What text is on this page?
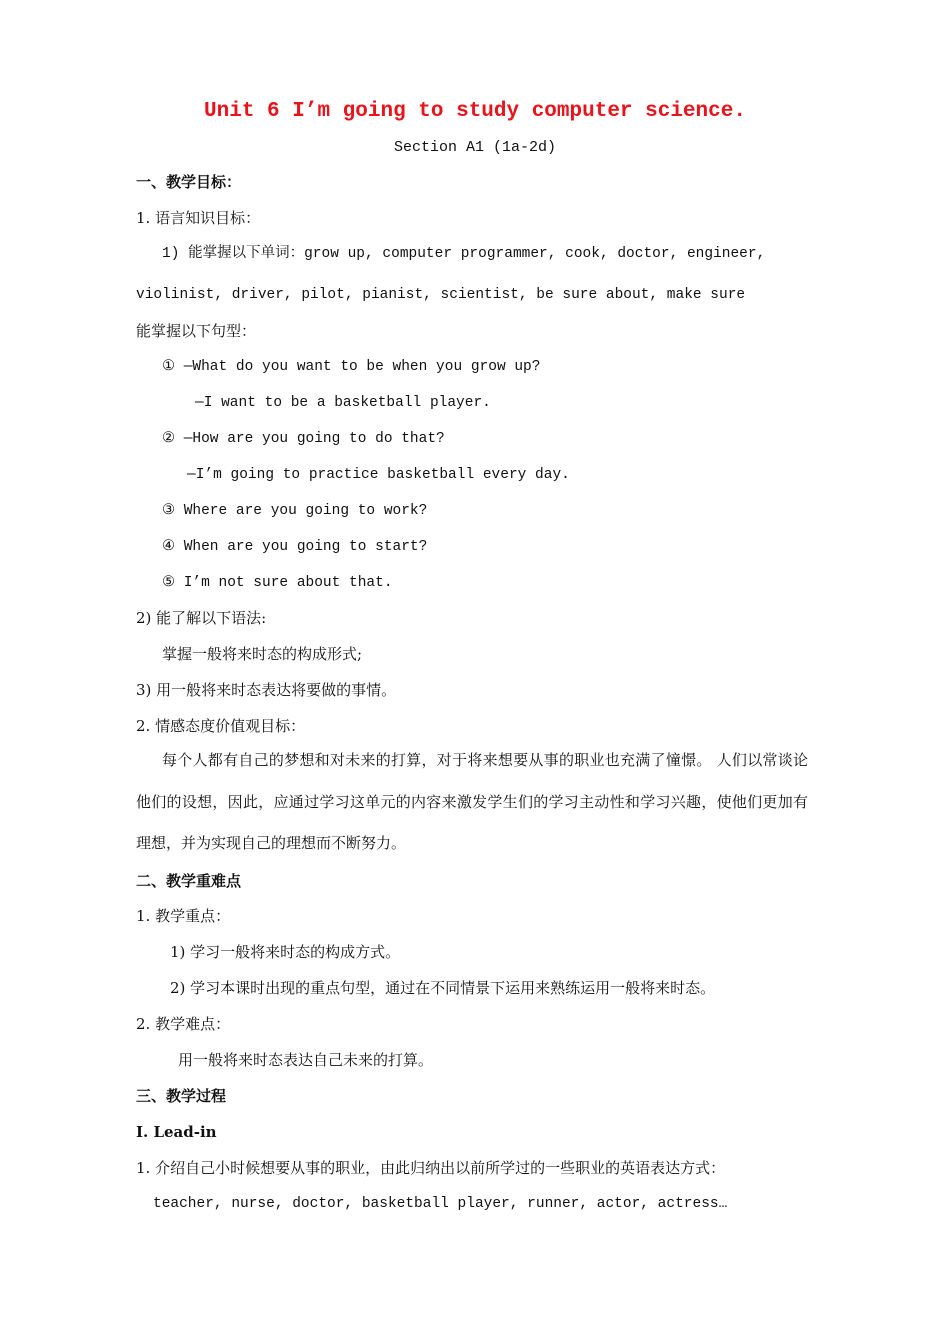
Unit 6 I’m going to study computer science.
Section A1 (1a-2d)
一、教学目标：
1. 语言知识目标：
1) 能掌握以下单词：grow up, computer programmer, cook, doctor, engineer,
violinist, driver, pilot, pianist, scientist, be sure about, make sure
能掌握以下句型：
① —What do you want to be when you grow up?
—I want to be a basketball player.
② —How are you going to do that?
—I’m going to practice basketball every day.
③ Where are you going to work?
④ When are you going to start?
⑤ I’m not sure about that.
2) 能了解以下语法:
掌握一般将来时态的构成形式;
3) 用一般将来时态表达将要做的事情。
2. 情感态度价值观目标：
每个人都有自己的梦想和对未来的打算，对于将来想要从事的职业也充满了憧憬。 人们以常谈论他们的设想，因此，应通过学习这单元的内容来激发学生们的学习主动性和学习兴趣，使他们更加有理想，并为实现自己的理想而不断努力。
二、教学重难点
1. 教学重点：
1) 学习一般将来时态的构成方式。
2) 学习本课时出现的重点句型，通过在不同情景下运用来熟练运用一般将来时态。
2. 教学难点：
用一般将来时态表达自己未来的打算。
三、教学过程
Ⅰ. Lead-in
1. 介绍自己小时候想要从事的职业，由此归纳出以前所学过的一些职业的英语表达方式：
teacher, nurse, doctor, basketball player, runner, actor, actress…
